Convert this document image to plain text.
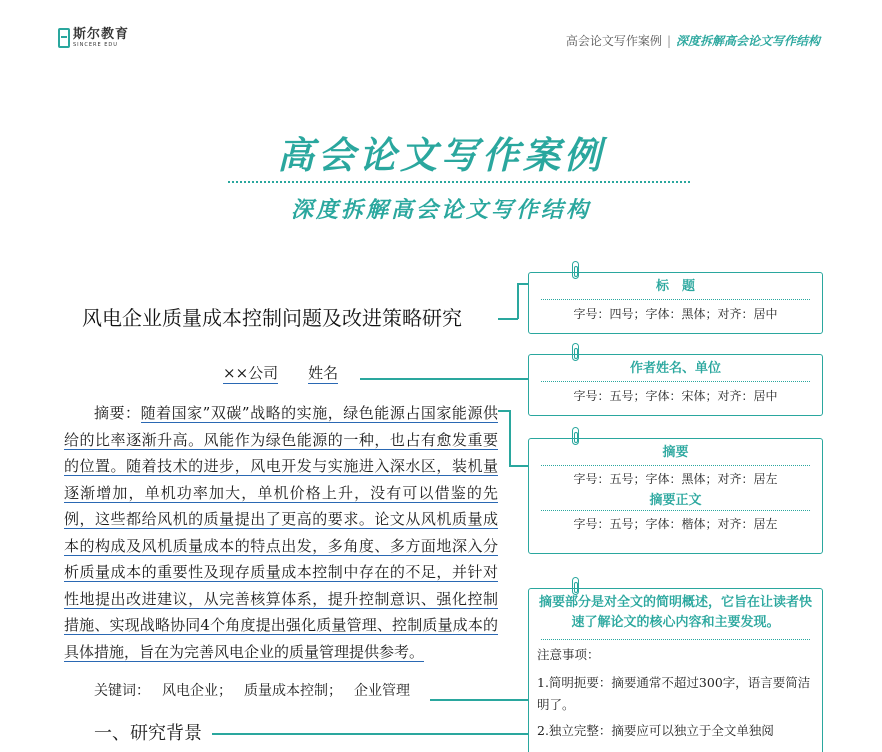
斯尔教育
SINCERE EDU	高会论文写作案例 | 深度拆解高会论文写作结构
高会论文写作案例
深度拆解高会论文写作结构
风电企业质量成本控制问题及改进策略研究
××公司 姓名
摘要：随着国家”双碳”战略的实施，绿色能源占国家能源供给的比率逐渐升高。风能作为绿色能源的一种，也占有愈发重要的位置。随着技术的进步，风电开发与实施进入深水区，装机量逐渐增加，单机功率加大，单机价格上升，没有可以借鉴的先例，这些都给风机的质量提出了更高的要求。论文从风机质量成本的构成及风机质量成本的特点出发，多角度、多方面地深入分析质量成本的重要性及现存质量成本控制中存在的不足，并针对性地提出改进建议，从完善核算体系，提升控制意识、强化控制措施、实现战略协同4个角度提出强化质量管理、控制质量成本的具体措施，旨在为完善风电企业的质量管理提供参考。
关键词： 风电企业； 质量成本控制； 企业管理
一、研究背景
标　题
字号：四号；字体：黑体；对齐：居中
作者姓名、单位
字号：五号；字体：宋体；对齐：居中
摘要
字号：五号；字体：黑体；对齐：居左
摘要正文
字号：五号；字体：楷体；对齐：居左
摘要部分是对全文的简明概述，它旨在让读者快速了解论文的核心内容和主要发现。
注意事项：
1.简明扼要：摘要通常不超过300字，语言要简洁明了。
2.独立完整：摘要应可以独立于全文单独阅
